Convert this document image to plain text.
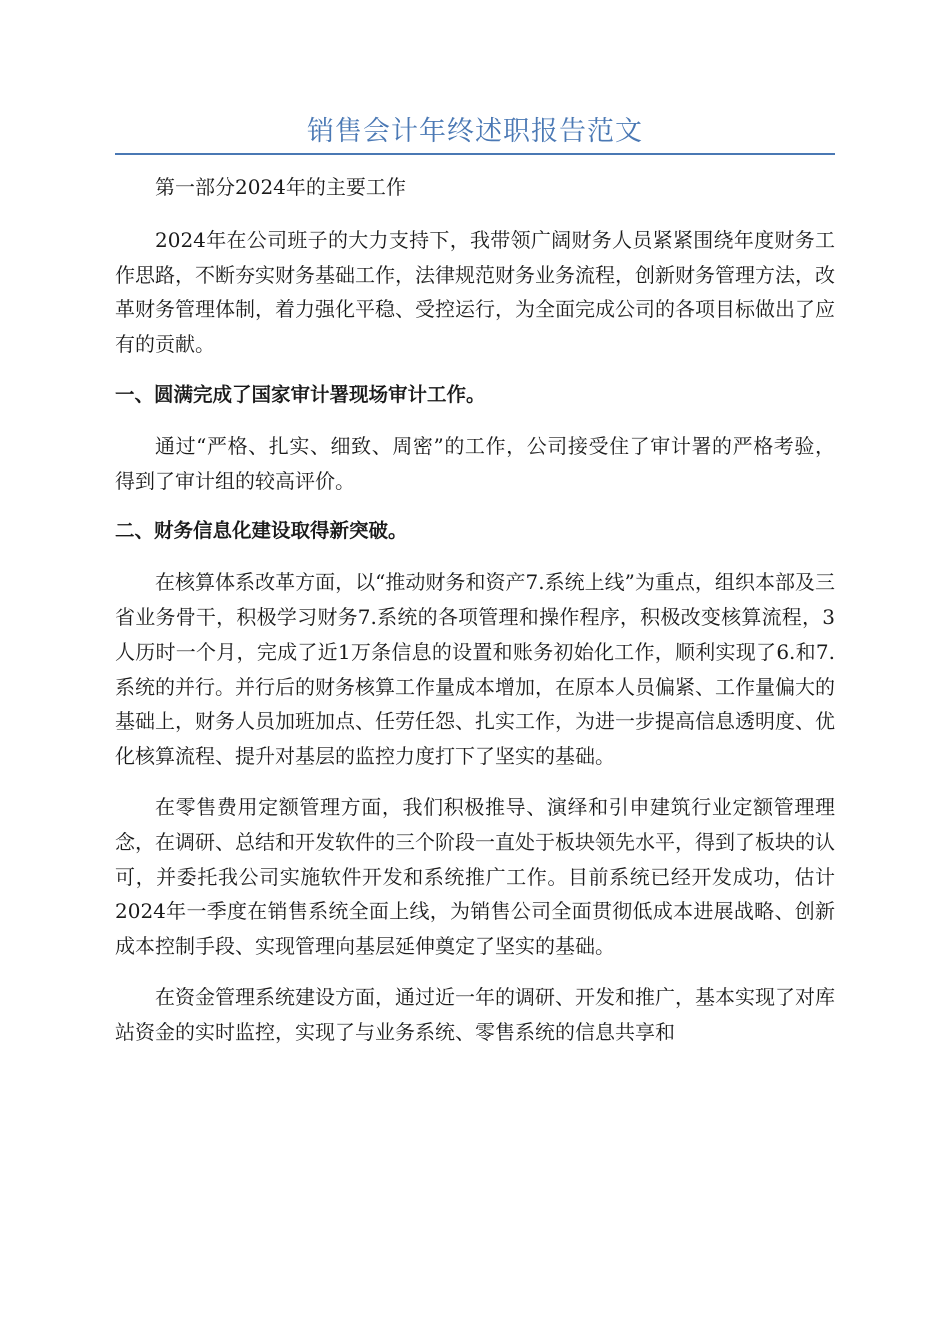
销售会计年终述职报告范文

第一部分2024年的主要工作

2024年在公司班子的大力支持下，我带领广阔财务人员紧紧围绕年度财务工作思路，不断夯实财务基础工作，法律规范财务业务流程，创新财务管理方法，改革财务管理体制，着力强化平稳、受控运行，为全面完成公司的各项目标做出了应有的贡献。

一、圆满完成了国家审计署现场审计工作。

通过“严格、扎实、细致、周密”的工作，公司接受住了审计署的严格考验，得到了审计组的较高评价。

二、财务信息化建设取得新突破。

在核算体系改革方面，以“推动财务和资产7.系统上线”为重点，组织本部及三省业务骨干，积极学习财务7.系统的各项管理和操作程序，积极改变核算流程，3人历时一个月，完成了近1万条信息的设置和账务初始化工作，顺利实现了6.和7.系统的并行。并行后的财务核算工作量成本增加，在原本人员偏紧、工作量偏大的基础上，财务人员加班加点、任劳任怨、扎实工作，为进一步提高信息透明度、优化核算流程、提升对基层的监控力度打下了坚实的基础。

在零售费用定额管理方面，我们积极推导、演绎和引申建筑行业定额管理理念，在调研、总结和开发软件的三个阶段一直处于板块领先水平，得到了板块的认可，并委托我公司实施软件开发和系统推广工作。目前系统已经开发成功，估计2024年一季度在销售系统全面上线，为销售公司全面贯彻低成本进展战略、创新成本控制手段、实现管理向基层延伸奠定了坚实的基础。

在资金管理系统建设方面，通过近一年的调研、开发和推广，基本实现了对库站资金的实时监控，实现了与业务系统、零售系统的信息共享和
